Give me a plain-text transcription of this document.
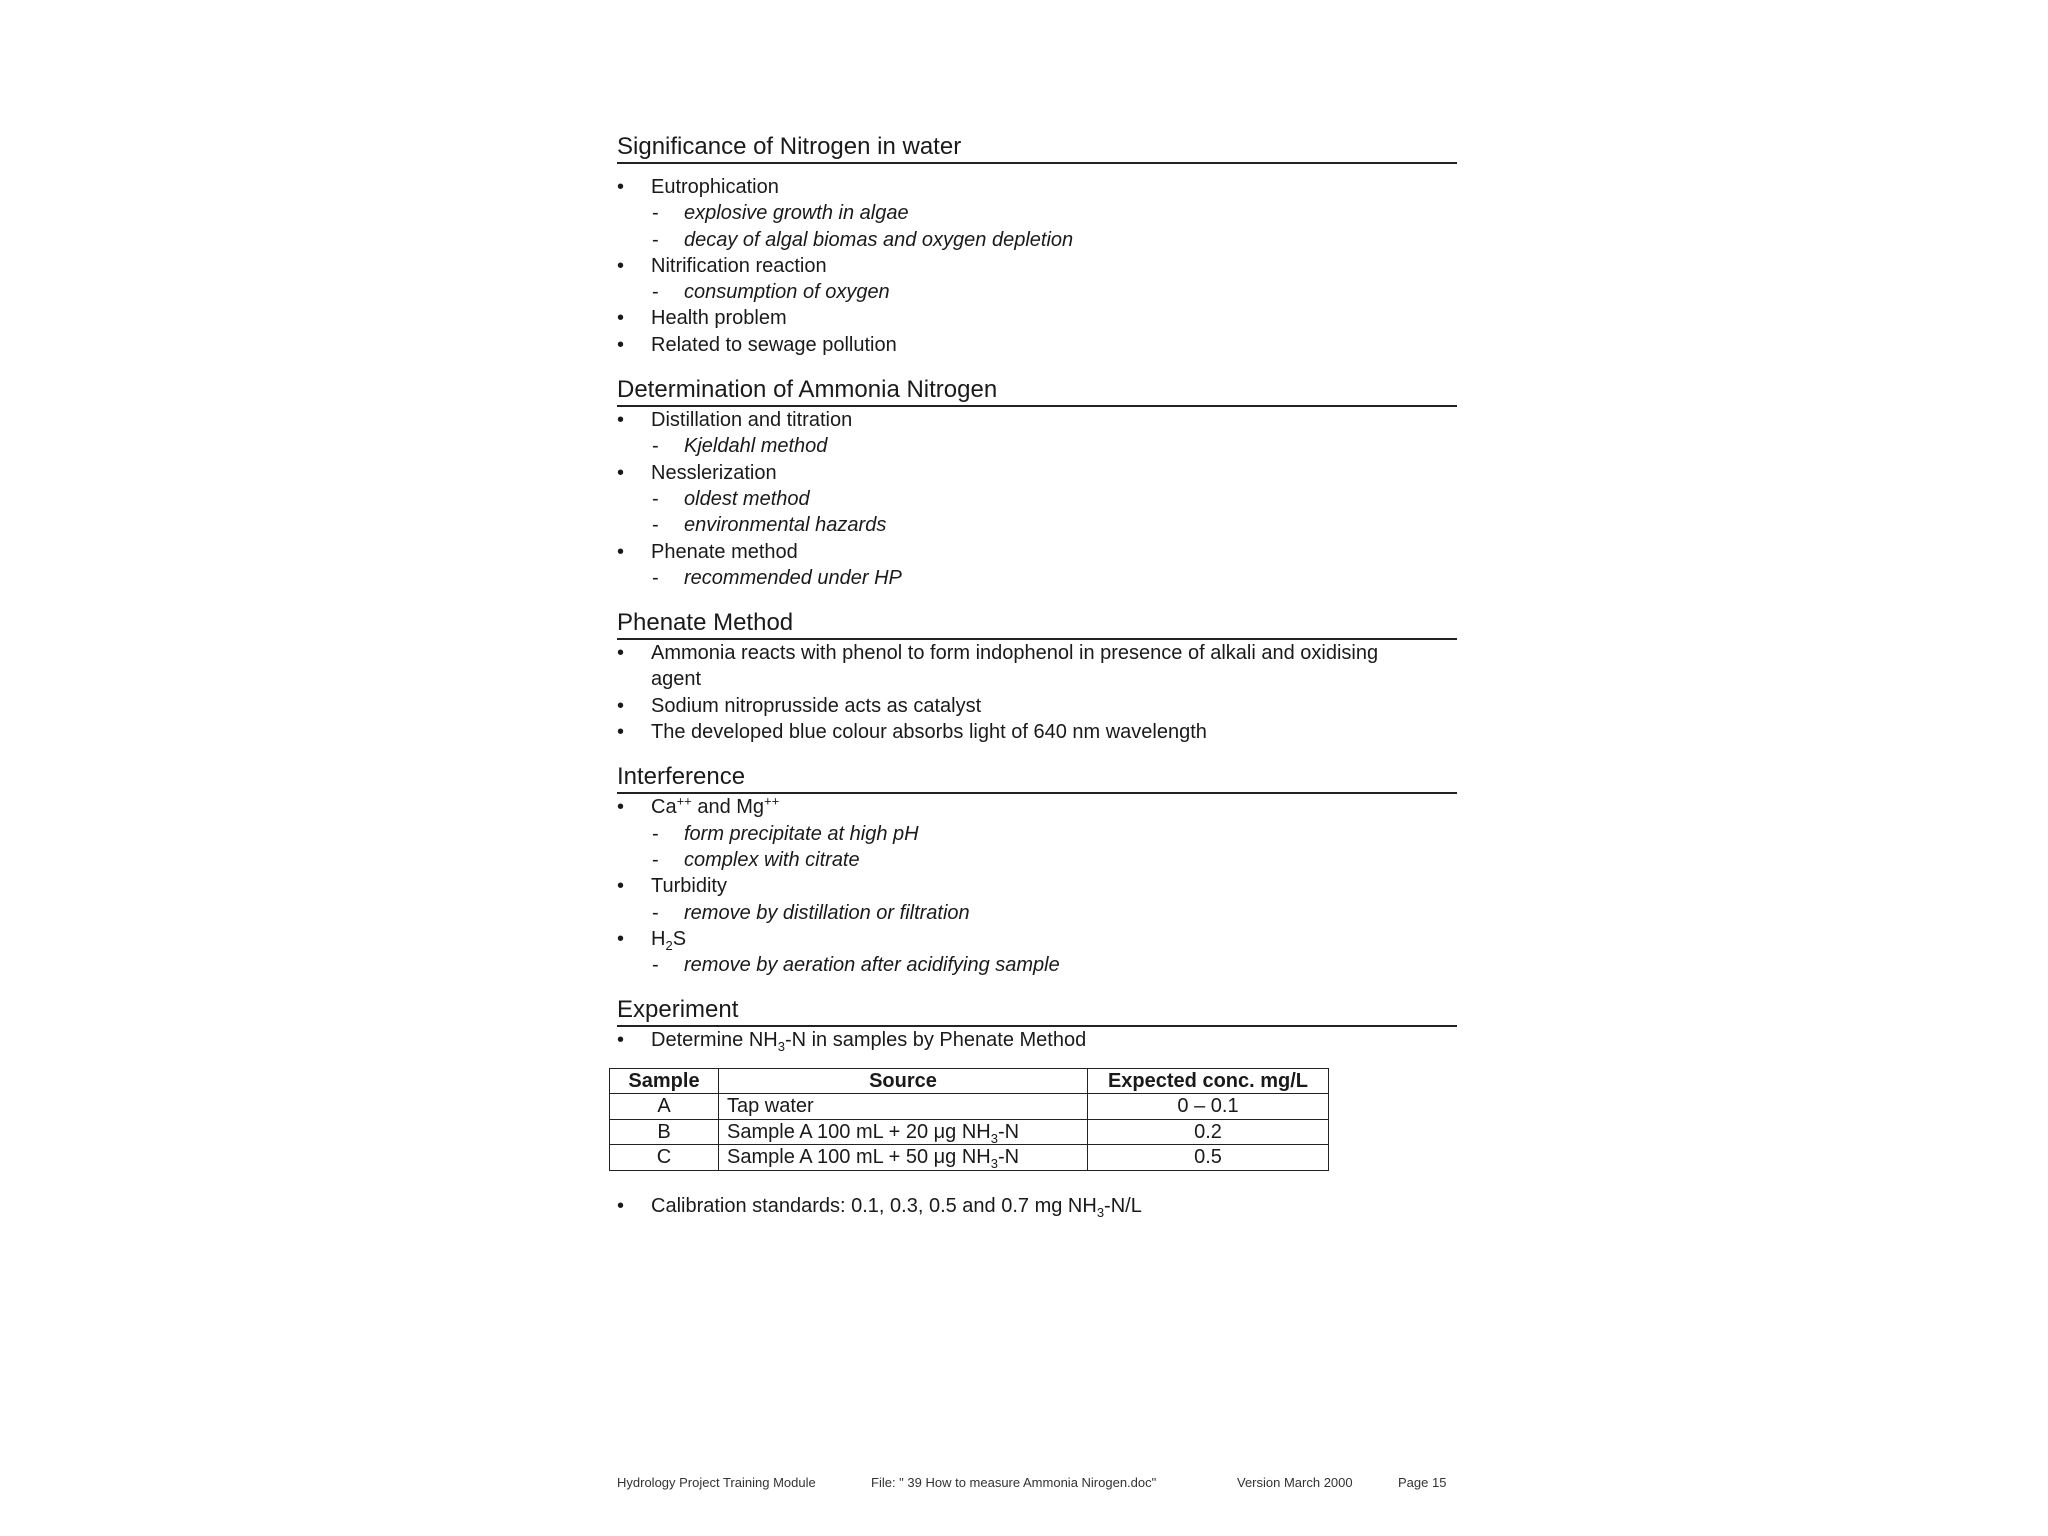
Significance of Nitrogen in water
• Eutrophication
- explosive growth in algae
- decay of algal biomas and oxygen depletion
• Nitrification reaction
- consumption of oxygen
• Health problem
• Related to sewage pollution
Determination of Ammonia Nitrogen
• Distillation and titration
- Kjeldahl method
• Nesslerization
- oldest method
- environmental hazards
• Phenate method
- recommended under HP
Phenate Method
• Ammonia reacts with phenol to form indophenol in presence of alkali and oxidising agent
• Sodium nitroprusside acts as catalyst
• The developed blue colour absorbs light of 640 nm wavelength
Interference
• Ca++ and Mg++
- form precipitate at high pH
- complex with citrate
• Turbidity
- remove by distillation or filtration
• $H_2S$
- remove by aeration after acidifying sample
Experiment
• Determine $NH_3-N$ in samples by Phenate Method
Sample	Source	Expected conc. mg/L
A	Tap water	0 – 0.1
B	Sample A 100 mL + 20 μg $NH_3-N$	0.2
C	Sample A 100 mL + 50 μg $NH_3-N$	0.5
• Calibration standards: 0.1, 0.3, 0.5 and 0.7 mg $NH_3-N/L$
Hydrology Project Training Module	File: " 39 How to measure Ammonia Nirogen.doc"	Version March 2000	Page 15
